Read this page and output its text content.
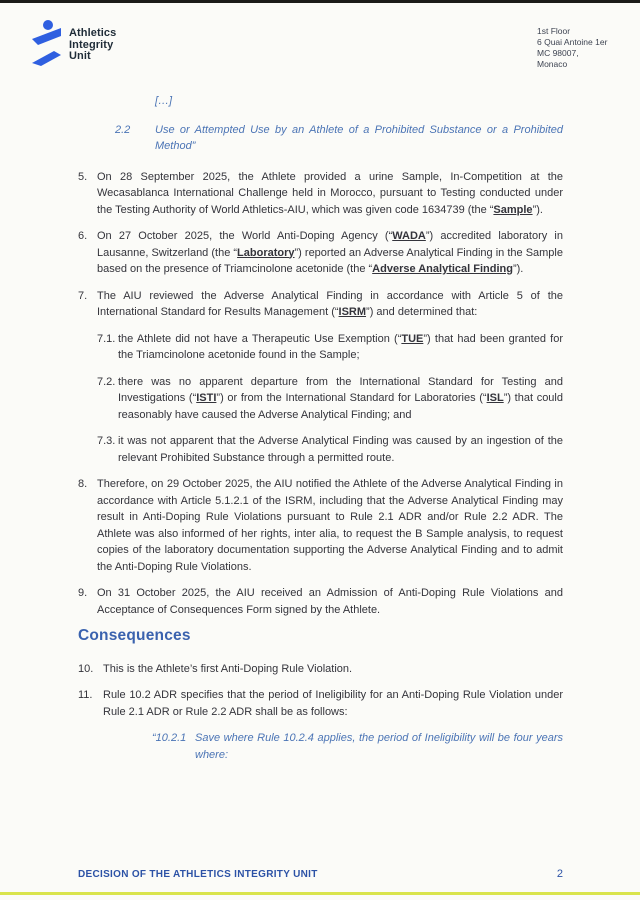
Athletics
Integrity
Unit
1st Floor
6 Quai Antoine 1er
MC 98007, Monaco
[…]
2.2	Use or Attempted Use by an Athlete of a Prohibited Substance or a Prohibited Method”
5. On 28 September 2025, the Athlete provided a urine Sample, In-Competition at the Wecasablanca International Challenge held in Morocco, pursuant to Testing conducted under the Testing Authority of World Athletics-AIU, which was given code 1634739 (the “Sample”).

6. On 27 October 2025, the World Anti-Doping Agency (“WADA”) accredited laboratory in Lausanne, Switzerland (the “Laboratory”) reported an Adverse Analytical Finding in the Sample based on the presence of Triamcinolone acetonide (the “Adverse Analytical Finding”).

7. The AIU reviewed the Adverse Analytical Finding in accordance with Article 5 of the International Standard for Results Management (“ISRM”) and determined that:

7.1. the Athlete did not have a Therapeutic Use Exemption (“TUE”) that had been granted for the Triamcinolone acetonide found in the Sample;

7.2. there was no apparent departure from the International Standard for Testing and Investigations (“ISTI”) or from the International Standard for Laboratories (“ISL”) that could reasonably have caused the Adverse Analytical Finding; and

7.3. it was not apparent that the Adverse Analytical Finding was caused by an ingestion of the relevant Prohibited Substance through a permitted route.

8. Therefore, on 29 October 2025, the AIU notified the Athlete of the Adverse Analytical Finding in accordance with Article 5.1.2.1 of the ISRM, including that the Adverse Analytical Finding may result in Anti-Doping Rule Violations pursuant to Rule 2.1 ADR and/or Rule 2.2 ADR. The Athlete was also informed of her rights, inter alia, to request the B Sample analysis, to request copies of the laboratory documentation supporting the Adverse Analytical Finding and to admit the Anti-Doping Rule Violations.

9. On 31 October 2025, the AIU received an Admission of Anti-Doping Rule Violations and Acceptance of Consequences Form signed by the Athlete.

Consequences
10. This is the Athlete’s first Anti-Doping Rule Violation.

11. Rule 10.2 ADR specifies that the period of Ineligibility for an Anti-Doping Rule Violation under Rule 2.1 ADR or Rule 2.2 ADR shall be as follows:

“10.2.1 Save where Rule 10.2.4 applies, the period of Ineligibility will be four years where:
DECISION OF THE ATHLETICS INTEGRITY UNIT	2
